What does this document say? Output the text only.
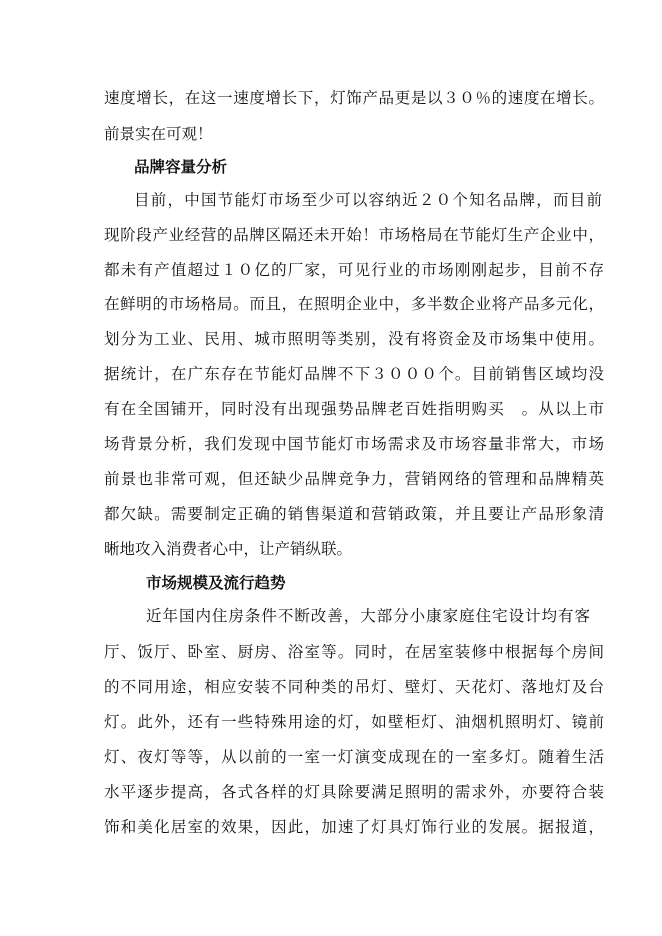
速度增长，在这一速度增长下，灯饰产品更是以３０％的速度在增长。
前景实在可观！
品牌容量分析
目前，中国节能灯市场至少可以容纳近２０个知名品牌，而目前
现阶段产业经营的品牌区隔还未开始！市场格局在节能灯生产企业中，
都未有产值超过１０亿的厂家，可见行业的市场刚刚起步，目前不存
在鲜明的市场格局。而且，在照明企业中，多半数企业将产品多元化，
划分为工业、民用、城市照明等类别，没有将资金及市场集中使用。
据统计，在广东存在节能灯品牌不下３０００个。目前销售区域均没
有在全国铺开，同时没有出现强势品牌老百姓指明购买　。从以上市
场背景分析，我们发现中国节能灯市场需求及市场容量非常大，市场
前景也非常可观，但还缺少品牌竞争力，营销网络的管理和品牌精英
都欠缺。需要制定正确的销售渠道和营销政策，并且要让产品形象清
晰地攻入消费者心中，让产销纵联。
市场规模及流行趋势
近年国内住房条件不断改善，大部分小康家庭住宅设计均有客
厅、饭厅、卧室、厨房、浴室等。同时，在居室装修中根据每个房间
的不同用途，相应安装不同种类的吊灯、壁灯、天花灯、落地灯及台
灯。此外，还有一些特殊用途的灯，如壁柜灯、油烟机照明灯、镜前
灯、夜灯等等，从以前的一室一灯演变成现在的一室多灯。随着生活
水平逐步提高，各式各样的灯具除要满足照明的需求外，亦要符合装
饰和美化居室的效果，因此，加速了灯具灯饰行业的发展。据报道，
